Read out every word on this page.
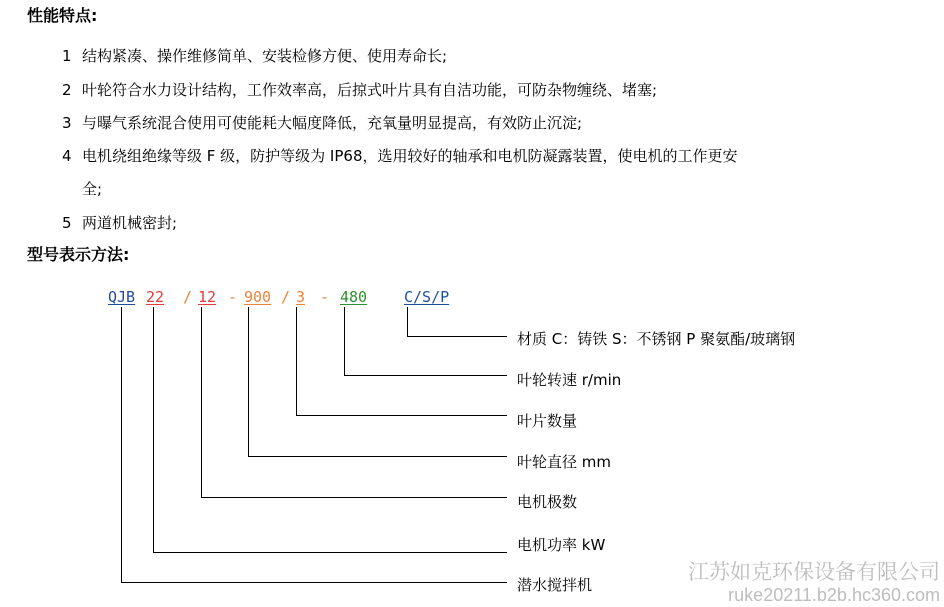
性能特点:
1 结构紧凑、操作维修简单、安装检修方便、使用寿命长;
2 叶轮符合水力设计结构，工作效率高，后掠式叶片具有自洁功能，可防杂物缠绕、堵塞;
3 与曝气系统混合使用可使能耗大幅度降低，充氧量明显提高，有效防止沉淀;
4 电机绕组绝缘等级 F 级，防护等级为 IP68，选用较好的轴承和电机防凝露装置，使电机的工作更安
全;
5 两道机械密封;
型号表示方法:
QJB 22 / 12 - 900 / 3 - 480 C/S/P
材质 C：铸铁 S：不锈钢 P 聚氨酯/玻璃钢
叶轮转速 r/min
叶片数量
叶轮直径 mm
电机极数
电机功率 kW
潜水搅拌机
江苏如克环保设备有限公司
ruke20211.b2b.hc360.com
